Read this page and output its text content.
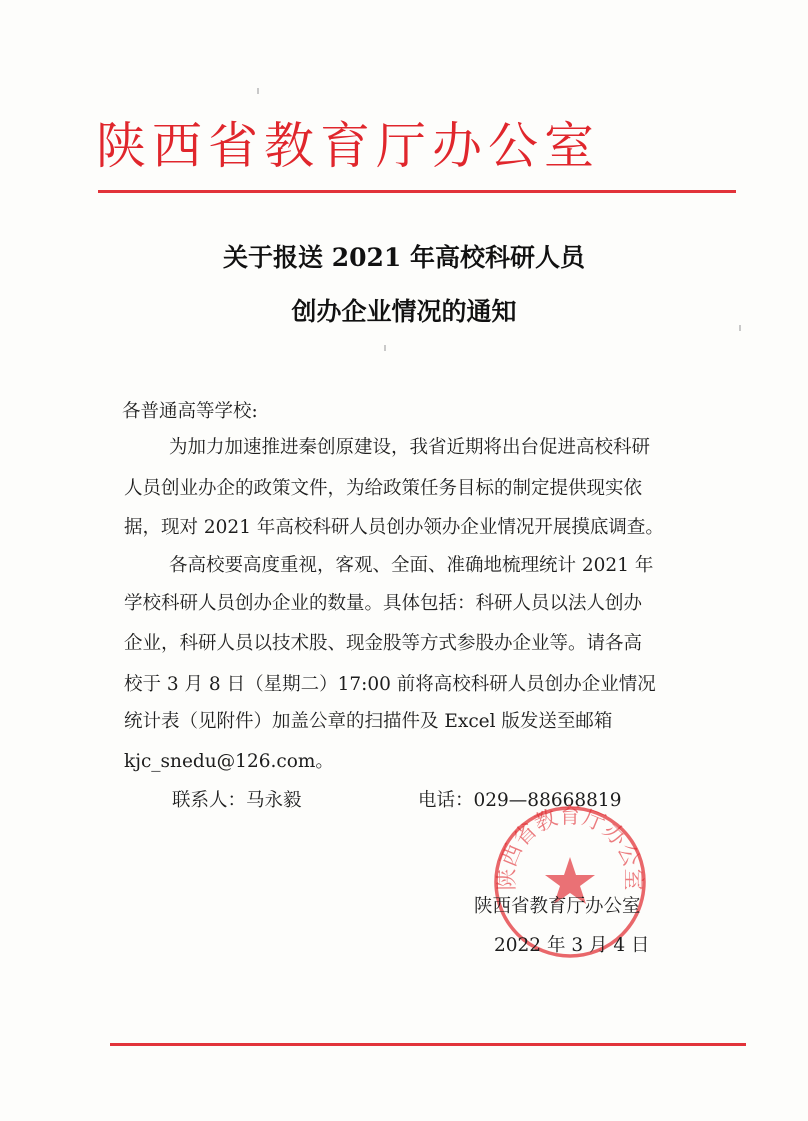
陕西省教育厅办公室
关于报送 2021 年高校科研人员
创办企业情况的通知
各普通高等学校:
为加力加速推进秦创原建设，我省近期将出台促进高校科研
人员创业办企的政策文件，为给政策任务目标的制定提供现实依
据，现对 2021 年高校科研人员创办领办企业情况开展摸底调查。
各高校要高度重视，客观、全面、准确地梳理统计 2021 年
学校科研人员创办企业的数量。具体包括：科研人员以法人创办
企业，科研人员以技术股、现金股等方式参股办企业等。请各高
校于 3 月 8 日（星期二）17:00 前将高校科研人员创办企业情况
统计表（见附件）加盖公章的扫描件及 Excel 版发送至邮箱
kjc_snedu@126.com。
联系人：马永毅	电话：029—88668819
陕西省教育厅办公室
陕西省教育厅办公室
2022 年 3 月 4 日
